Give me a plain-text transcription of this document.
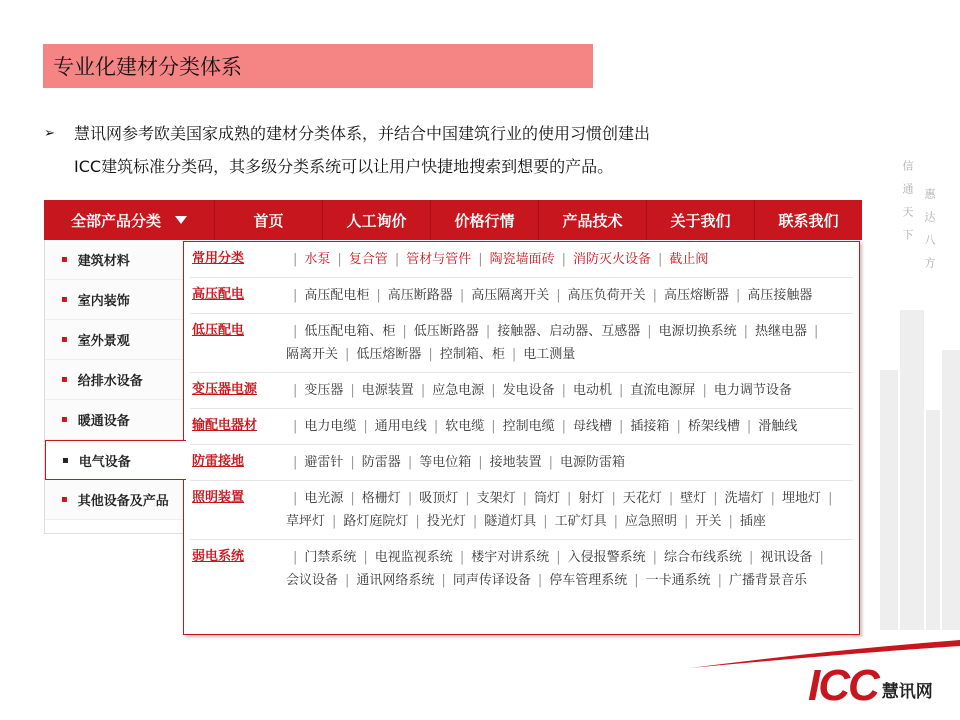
信通天下 惠达八方
专业化建材分类体系
➢	慧讯网参考欧美国家成熟的建材分类体系，并结合中国建筑行业的使用习惯创建出
ICC建筑标准分类码，其多级分类系统可以让用户快捷地搜索到想要的产品。
全部产品分类	首页	人工询价	价格行情	产品技术	关于我们	联系我们
▪ 建筑材料
▪ 室内装饰
▪ 室外景观
▪ 给排水设备
▪ 暖通设备
▪ 电气设备
▪ 其他设备及产品
常用分类	| 水泵 | 复合管 | 管材与管件 | 陶瓷墙面砖 | 消防灭火设备 | 截止阀
高压配电	| 高压配电柜 | 高压断路器 | 高压隔离开关 | 高压负荷开关 | 高压熔断器 | 高压接触器
低压配电	| 低压配电箱、柜 | 低压断路器 | 接触器、启动器、互感器 | 电源切换系统 | 热继电器 |隔离开关 | 低压熔断器 | 控制箱、柜 | 电工测量
变压器电源	| 变压器 | 电源装置 | 应急电源 | 发电设备 | 电动机 | 直流电源屏 | 电力调节设备
输配电器材	| 电力电缆 | 通用电线 | 软电缆 | 控制电缆 | 母线槽 | 插接箱 | 桥架线槽 | 滑触线
防雷接地	| 避雷针 | 防雷器 | 等电位箱 | 接地装置 | 电源防雷箱
照明装置	| 电光源 | 格栅灯 | 吸顶灯 | 支架灯 | 筒灯 | 射灯 | 天花灯 | 壁灯 | 洗墙灯 | 埋地灯 |草坪灯 | 路灯庭院灯 | 投光灯 | 隧道灯具 | 工矿灯具 | 应急照明 | 开关 | 插座
弱电系统	| 门禁系统 | 电视监视系统 | 楼宇对讲系统 | 入侵报警系统 | 综合布线系统 | 视讯设备 |会议设备 | 通讯网络系统 | 同声传译设备 | 停车管理系统 | 一卡通系统 | 广播背景音乐
ICC 慧讯网
